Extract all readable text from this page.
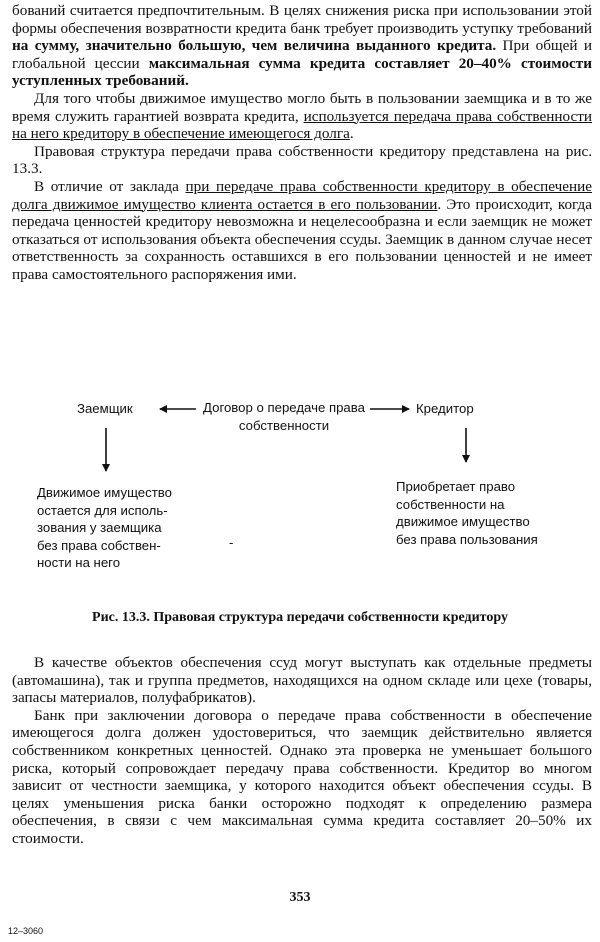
бований считается предпочтительным. В целях снижения риска при использовании этой формы обеспечения возвратности кредита банк требует производить уступку требований на сумму, значительно большую, чем величина выданного кредита. При общей и глобальной цессии максимальная сумма кредита составляет 20–40% стоимости уступленных требований.

Для того чтобы движимое имущество могло быть в пользовании заемщика и в то же время служить гарантией возврата кредита, используется передача права собственности на него кредитору в обеспечение имеющегося долга.

Правовая структура передачи права собственности кредитору представлена на рис. 13.3.

В отличие от заклада при передаче права собственности кредитору в обеспечение долга движимое имущество клиента остается в его пользовании. Это происходит, когда передача ценностей кредитору невозможна и нецелесообразна и если заемщик не может отказаться от использования объекта обеспечения ссуды. Заемщик в данном случае несет ответственность за сохранность оставшихся в его пользовании ценностей и не имеет права самостоятельного распоряжения ими.

Заемщик	Договор о передаче права
собственности
Кредитор
Движимое имущество
остается для исполь-
зования у заемщика
без права собствен-
ности на него
-
Приобретает право
собственности на
движимое имущество
без права пользования
Рис. 13.3. Правовая структура передачи собственности кредитору

В качестве объектов обеспечения ссуд могут выступать как отдельные предметы (автомашина), так и группа предметов, находящихся на одном складе или цехе (товары, запасы материалов, полуфабрикатов).

Банк при заключении договора о передаче права собственности в обеспечение имеющегося долга должен удостовериться, что заемщик действительно является собственником конкретных ценностей. Однако эта проверка не уменьшает большого риска, который сопровождает передачу права собственности. Кредитор во многом зависит от честности заемщика, у которого находится объект обеспечения ссуды. В целях уменьшения риска банки осторожно подходят к определению размера обеспечения, в связи с чем максимальная сумма кредита составляет 20–50% их стоимости.

353
12–3060
